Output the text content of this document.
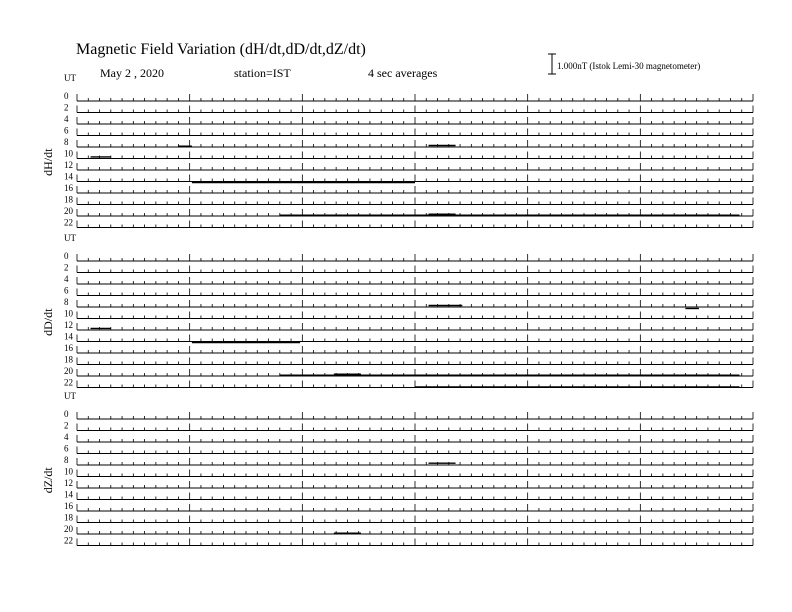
Magnetic Field Variation (dH/dt,dD/dt,dZ/dt)
May 2 , 2020	station=IST	4 sec averages	1.000nT (Istok Lemi-30 magnetometer)
UT
dH/dt
0
2
4
6
8
10
12
14
16
18
20
22
UT
dD/dt
0
2
4
6
8
10
12
14
16
18
20
22
UT
dZ/dt
0
2
4
6
8
10
12
14
16
18
20
22
